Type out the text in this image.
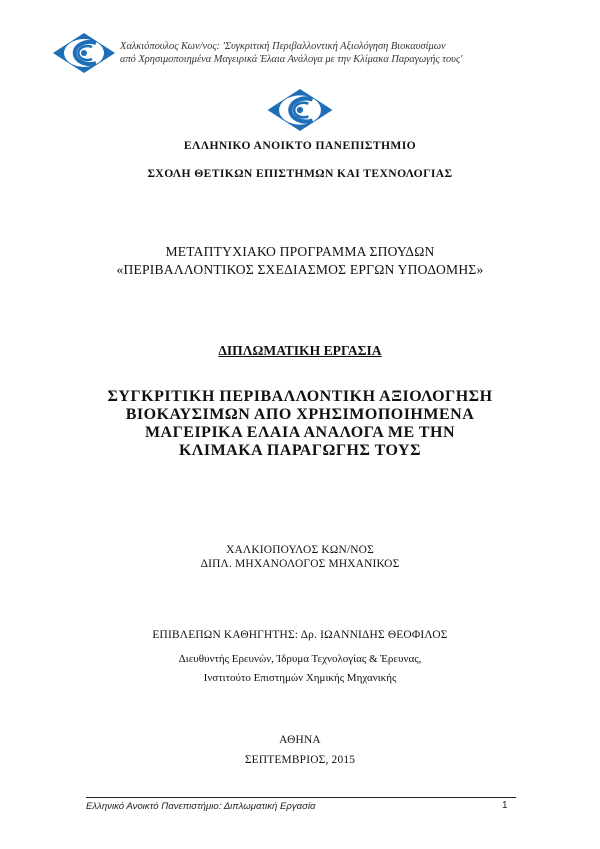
Χαλκιόπουλος Κων/νος: 'Συγκριτική Περιβαλλοντική Αξιολόγηση Βιοκαυσίμων
από Χρησιμοποιημένα Μαγειρικά Έλαια Ανάλογα με την Κλίμακα Παραγωγής τους'
ΕΛΛΗΝΙΚΟ ΑΝΟΙΚΤΟ ΠΑΝΕΠΙΣΤΗΜΙΟ
ΣΧΟΛΗ ΘΕΤΙΚΩΝ ΕΠΙΣΤΗΜΩΝ ΚΑΙ ΤΕΧΝΟΛΟΓΙΑΣ
ΜΕΤΑΠΤΥΧΙΑΚΟ ΠΡΟΓΡΑΜΜΑ ΣΠΟΥΔΩΝ
«ΠΕΡΙΒΑΛΛΟΝΤΙΚΟΣ ΣΧΕΔΙΑΣΜΟΣ ΕΡΓΩΝ ΥΠΟΔΟΜΗΣ»
ΔΙΠΛΩΜΑΤΙΚΗ ΕΡΓΑΣΙΑ
ΣΥΓΚΡΙΤΙΚΗ ΠΕΡΙΒΑΛΛΟΝΤΙΚΗ ΑΞΙΟΛΟΓΗΣΗ
ΒΙΟΚΑΥΣΙΜΩΝ ΑΠΟ ΧΡΗΣΙΜΟΠΟΙΗΜΕΝΑ
ΜΑΓΕΙΡΙΚΑ ΕΛΑΙΑ ΑΝΑΛΟΓΑ ΜΕ ΤΗΝ
ΚΛΙΜΑΚΑ ΠΑΡΑΓΩΓΗΣ ΤΟΥΣ
ΧΑΛΚΙΟΠΟΥΛΟΣ ΚΩΝ/ΝΟΣ
ΔΙΠΛ. ΜΗΧΑΝΟΛΟΓΟΣ ΜΗΧΑΝΙΚΟΣ
ΕΠΙΒΛΕΠΩΝ ΚΑΘΗΓΗΤΗΣ: Δρ. ΙΩΑΝΝΙΔΗΣ ΘΕΟΦΙΛΟΣ
Διευθυντής Ερευνών, Ίδρυμα Τεχνολογίας & Έρευνας,
Ινστιτούτο Επιστημών Χημικής Μηχανικής
ΑΘΗΝΑ
ΣΕΠΤΕΜΒΡΙΟΣ, 2015
Ελληνικό Ανοικτό Πανεπιστήμιο: Διπλωματική Εργασία	1
